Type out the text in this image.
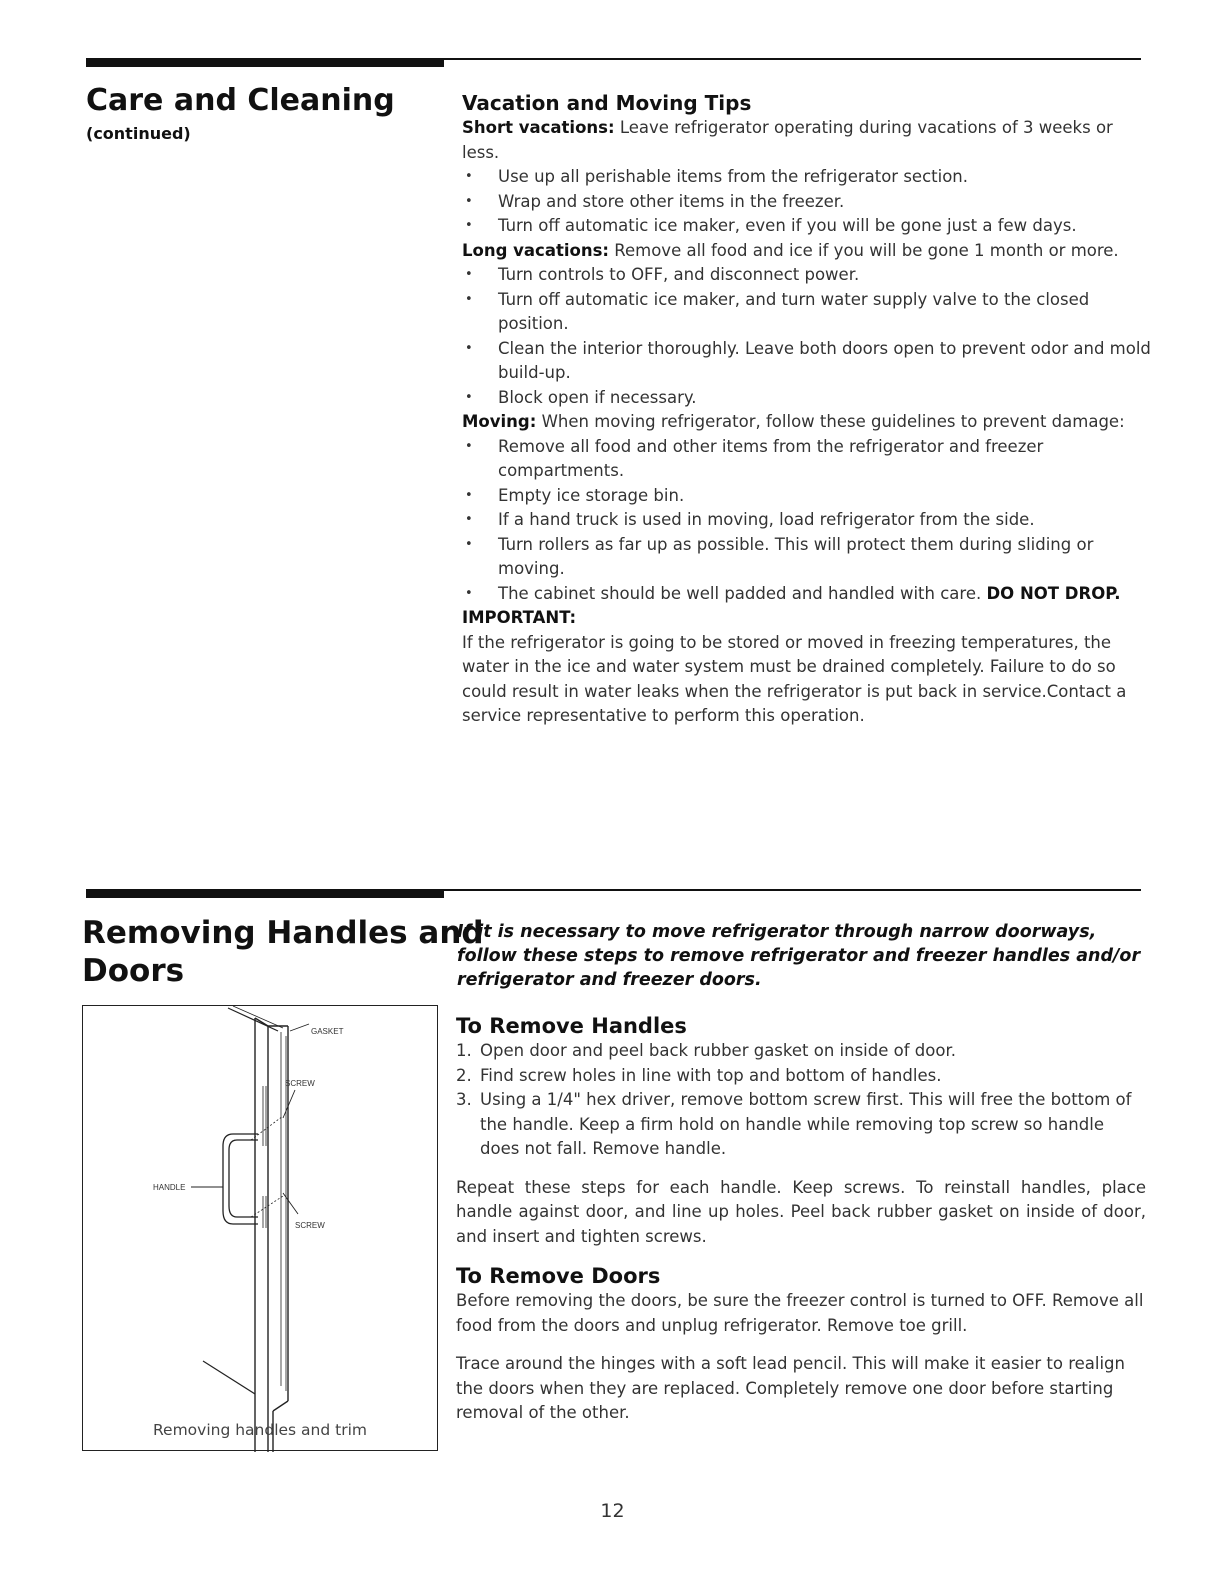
Care and Cleaning
(continued)

Vacation and Moving Tips

Short vacations: Leave refrigerator operating during vacations of 3 weeks or less.

• Use up all perishable items from the refrigerator section.

• Wrap and store other items in the freezer.

• Turn off automatic ice maker, even if you will be gone just a few days.

Long vacations: Remove all food and ice if you will be gone 1 month or more.

• Turn controls to OFF, and disconnect power.

• Turn off automatic ice maker, and turn water supply valve to the closed position.

• Clean the interior thoroughly. Leave both doors open to prevent odor and mold build-up.

• Block open if necessary.

Moving: When moving refrigerator, follow these guidelines to prevent damage:

• Remove all food and other items from the refrigerator and freezer compartments.

• Empty ice storage bin.

• If a hand truck is used in moving, load refrigerator from the side.

• Turn rollers as far up as possible. This will protect them during sliding or moving.

• The cabinet should be well padded and handled with care. DO NOT DROP.

IMPORTANT:

If the refrigerator is going to be stored or moved in freezing temperatures, the water in the ice and water system must be drained completely. Failure to do so could result in water leaks when the refrigerator is put back in service.Contact a service representative to perform this operation.

Removing Handles and
Doors
If it is necessary to move refrigerator through narrow doorways, follow these steps to remove refrigerator and freezer handles and/or refrigerator and freezer doors.
GASKET
SCREW
HANDLE
SCREW
Removing handles and trim

To Remove Handles

1. Open door and peel back rubber gasket on inside of door.

2. Find screw holes in line with top and bottom of handles.

3. Using a 1/4" hex driver, remove bottom screw first. This will free the bottom of the handle. Keep a firm hold on handle while removing top screw so handle does not fall. Remove handle.

Repeat these steps for each handle. Keep screws. To reinstall handles, place handle against door, and line up holes. Peel back rubber gasket on inside of door, and insert and tighten screws.

To Remove Doors

Before removing the doors, be sure the freezer control is turned to OFF. Remove all food from the doors and unplug refrigerator. Remove toe grill.

Trace around the hinges with a soft lead pencil. This will make it easier to realign the doors when they are replaced. Completely remove one door before starting removal of the other.

12
